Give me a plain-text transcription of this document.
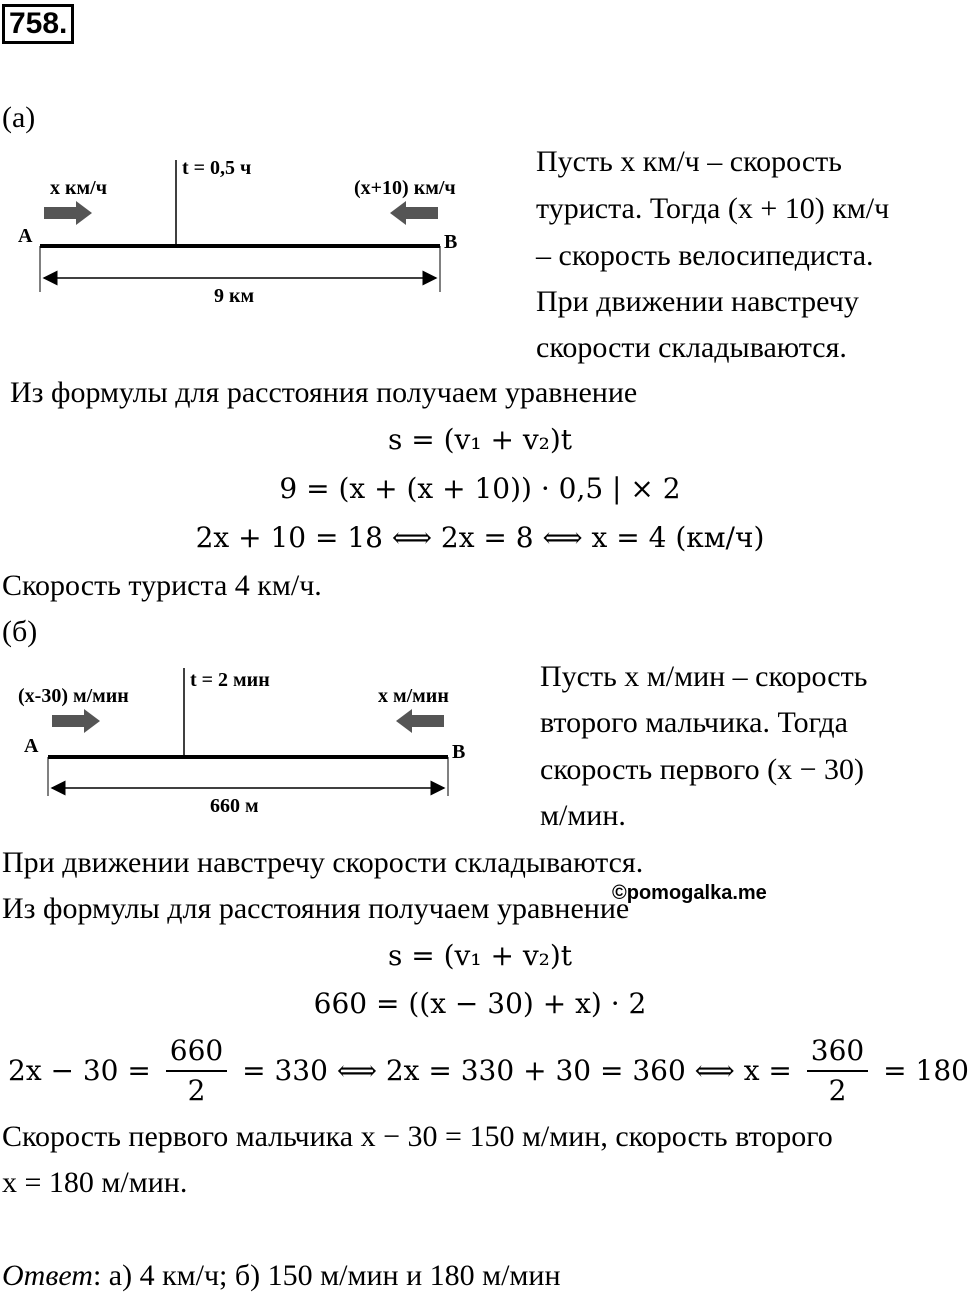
758.
(а)
x км/ч
t = 0,5 ч
(x+10) км/ч
A	B
9 км
Пусть x км/ч – скорость
туриста. Тогда (x + 10) км/ч
– скорость велосипедиста.
При движении навстречу
скорости складываются.
Из формулы для расстояния получаем уравнение
s = (v₁ + v₂)t
9 = (x + (x + 10)) · 0,5 | × 2
2x + 10 = 18 ⟺ 2x = 8 ⟺ x = 4 (км/ч)
Скорость туриста 4 км/ч.
(б)
(x-30) м/мин
t = 2 мин
x м/мин
A	B
660 м
Пусть x м/мин – скорость
второго мальчика. Тогда
скорость первого (x − 30)
м/мин.
При движении навстречу скорости складываются.
Из формулы для расстояния получаем уравнение
©pomogalka.me
s = (v₁ + v₂)t
660 = ((x − 30) + x) · 2
$2x - 30 = \frac{660}{2} = 330$ ⟺ 2x = 330 + 30 = 360 ⟺ $x = \frac{360}{2} = 180$
Скорость первого мальчика x − 30 = 150 м/мин, скорость второго
x = 180 м/мин.
Ответ: а) 4 км/ч; б) 150 м/мин и 180 м/мин
